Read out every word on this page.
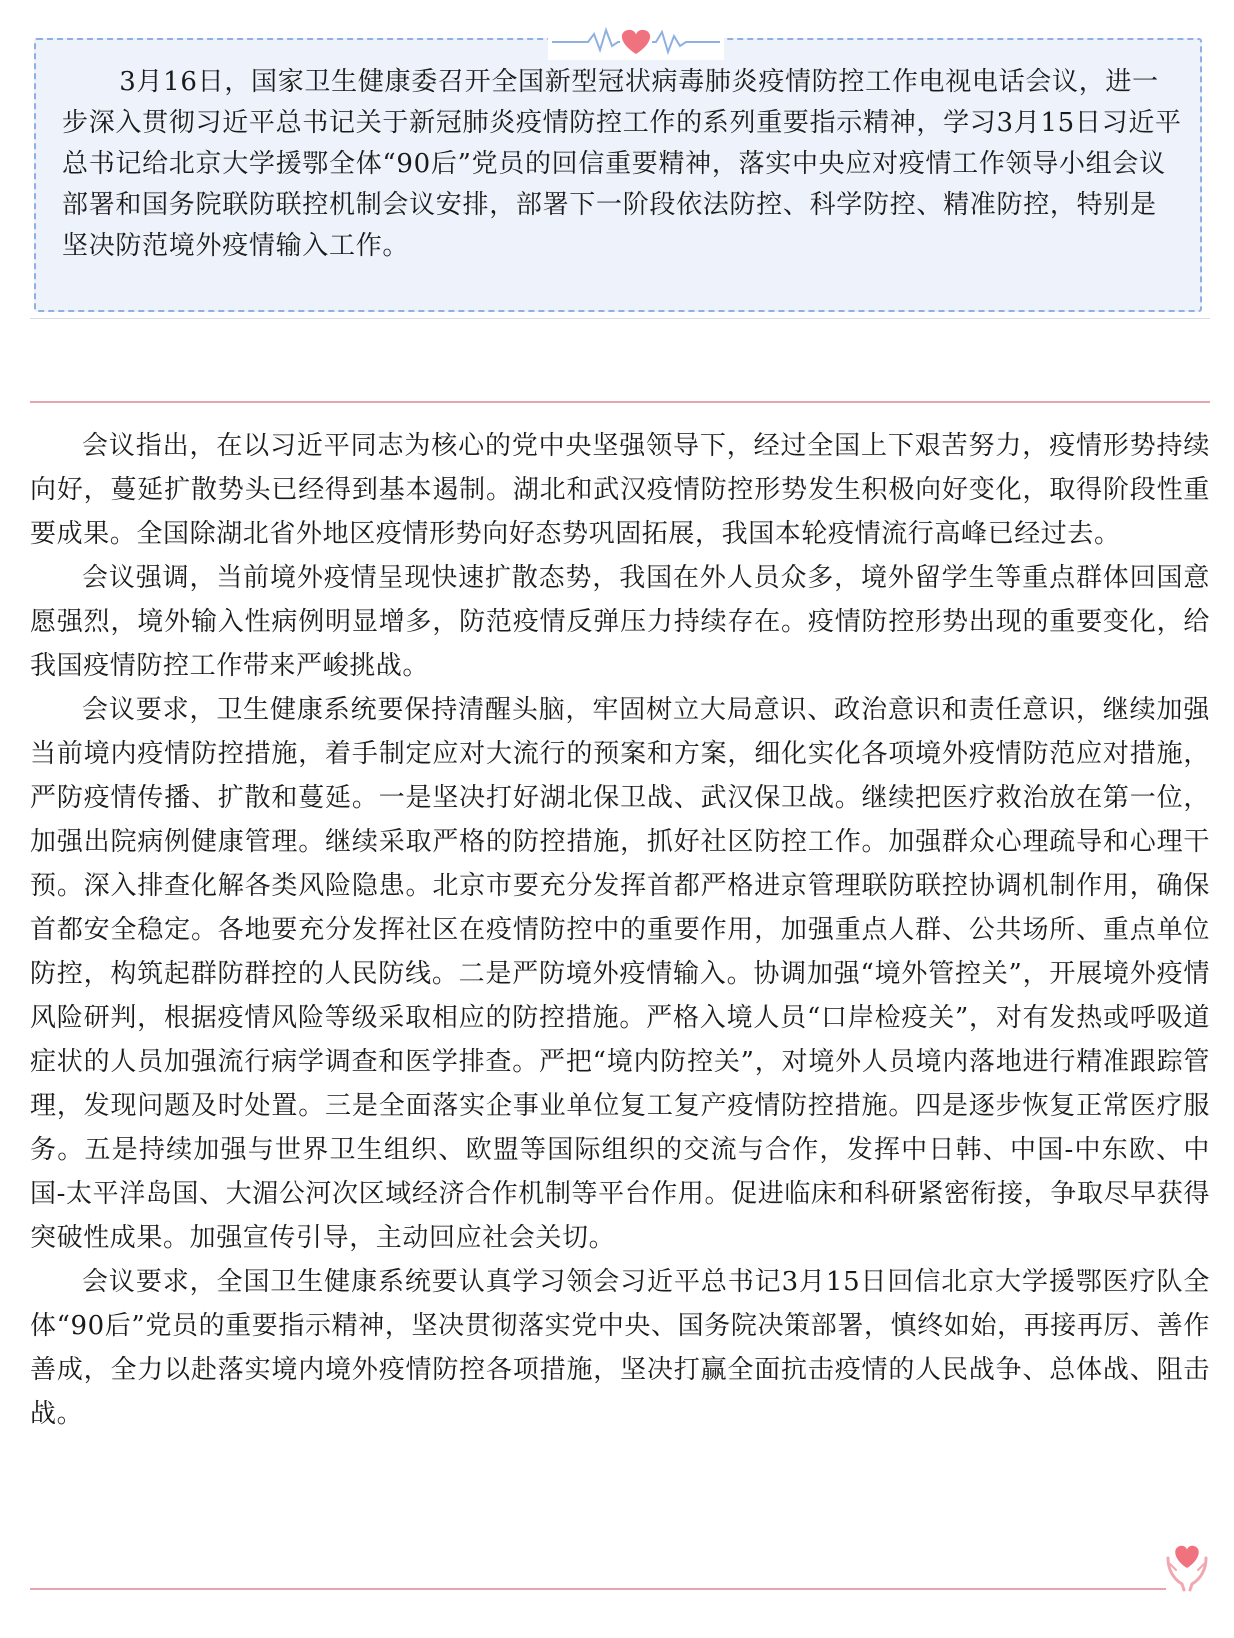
3月16日，国家卫生健康委召开全国新型冠状病毒肺炎疫情防控工作电视电话会议，进一步深入贯彻习近平总书记关于新冠肺炎疫情防控工作的系列重要指示精神，学习3月15日习近平总书记给北京大学援鄂全体“90后”党员的回信重要精神，落实中央应对疫情工作领导小组会议部署和国务院联防联控机制会议安排，部署下一阶段依法防控、科学防控、精准防控，特别是坚决防范境外疫情输入工作。

会议指出，在以习近平同志为核心的党中央坚强领导下，经过全国上下艰苦努力，疫情形势持续向好，蔓延扩散势头已经得到基本遏制。湖北和武汉疫情防控形势发生积极向好变化，取得阶段性重要成果。全国除湖北省外地区疫情形势向好态势巩固拓展，我国本轮疫情流行高峰已经过去。

会议强调，当前境外疫情呈现快速扩散态势，我国在外人员众多，境外留学生等重点群体回国意愿强烈，境外输入性病例明显增多，防范疫情反弹压力持续存在。疫情防控形势出现的重要变化，给我国疫情防控工作带来严峻挑战。

会议要求，卫生健康系统要保持清醒头脑，牢固树立大局意识、政治意识和责任意识，继续加强当前境内疫情防控措施，着手制定应对大流行的预案和方案，细化实化各项境外疫情防范应对措施，严防疫情传播、扩散和蔓延。一是坚决打好湖北保卫战、武汉保卫战。继续把医疗救治放在第一位，加强出院病例健康管理。继续采取严格的防控措施，抓好社区防控工作。加强群众心理疏导和心理干预。深入排查化解各类风险隐患。北京市要充分发挥首都严格进京管理联防联控协调机制作用，确保首都安全稳定。各地要充分发挥社区在疫情防控中的重要作用，加强重点人群、公共场所、重点单位防控，构筑起群防群控的人民防线。二是严防境外疫情输入。协调加强“境外管控关”，开展境外疫情风险研判，根据疫情风险等级采取相应的防控措施。严格入境人员“口岸检疫关”，对有发热或呼吸道症状的人员加强流行病学调查和医学排查。严把“境内防控关”，对境外人员境内落地进行精准跟踪管理，发现问题及时处置。三是全面落实企事业单位复工复产疫情防控措施。四是逐步恢复正常医疗服务。五是持续加强与世界卫生组织、欧盟等国际组织的交流与合作，发挥中日韩、中国-中东欧、中国-太平洋岛国、大湄公河次区域经济合作机制等平台作用。促进临床和科研紧密衔接，争取尽早获得突破性成果。加强宣传引导，主动回应社会关切。

会议要求，全国卫生健康系统要认真学习领会习近平总书记3月15日回信北京大学援鄂医疗队全体“90后”党员的重要指示精神，坚决贯彻落实党中央、国务院决策部署，慎终如始，再接再厉、善作善成，全力以赴落实境内境外疫情防控各项措施，坚决打赢全面抗击疫情的人民战争、总体战、阻击战。
